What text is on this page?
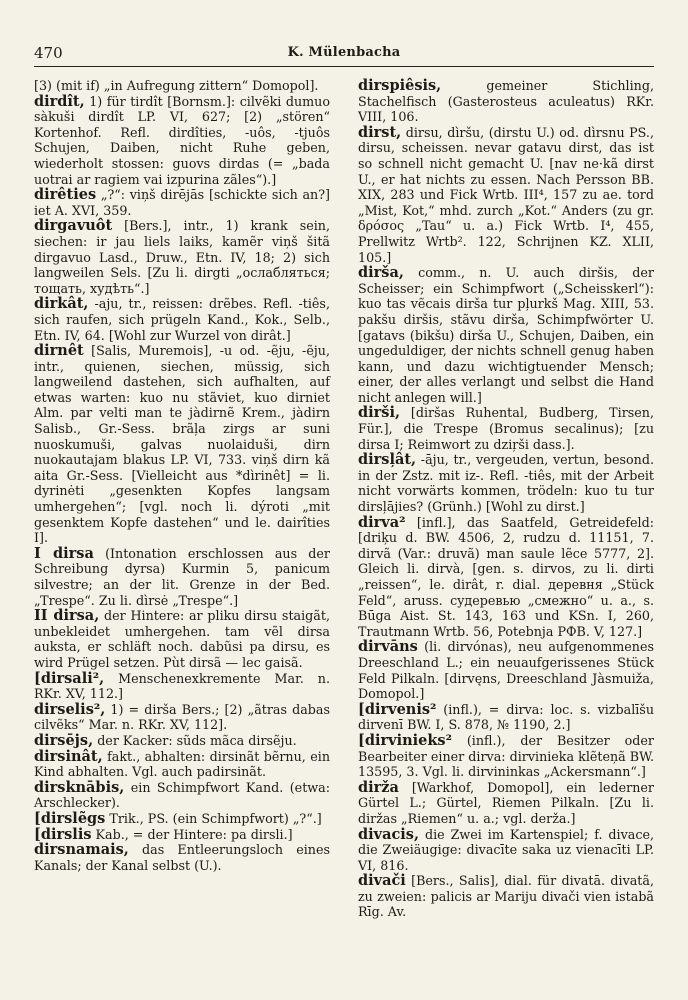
470	K. Mülenbacha

[3) (mit if) „in Aufregung zittern“ Domopol].

dirdît, 1) für tirdît [Bornsm.]: cilvẽki dumuo sàkuši dirdît LP. VI, 627; [2) „stören“ Kortenhof. Refl. dirdîties, -uôs, -tjuôs Schujen, Daiben, nicht Ruhe geben, wiederholt stossen: guovs dirdas (= „bada uotrai ar ragiem vai izpurina zãles“).]

dirêties „?“: viņš dirējās [schickte sich an?] iet A. XVI, 359.

dirgavuôt [Bers.], intr., 1) krank sein, siechen: ir jau liels laiks, kamẽr viņš šitã dirgavuo Lasd., Druw., Etn. IV, 18; 2) sich langweilen Sels. [Zu li. dirgti „ослабляться; тощать, худѣть“.]

dirkât, -aju, tr., reissen: drẽbes. Refl. -tiês, sich raufen, sich prügeln Kand., Kok., Selb., Etn. IV, 64. [Wohl zur Wurzel von dirât.]

dirnêt [Salis, Muremois], -u od. -ẽju, -ẽju, intr., quienen, siechen, müssig, sich langweilend dastehen, sich aufhalten, auf etwas warten: kuo nu stãviet, kuo dirniet Alm. par velti man te jàdirnẽ Krem., jàdirn Salisb., Gr.-Sess. brãļa zirgs ar suni nuoskumuši, galvas nuolaiduši, dirn nuokautajam blakus LP. VI, 733. viņš dirn kã aita Gr.-Sess. [Vielleicht aus *dìrinêt] = li. dyrinėti „gesenkten Kopfes langsam umhergehen“; [vgl. noch li. dýroti „mit gesenktem Kopfe dastehen“ und le. dairîties I].

I dirsa (Intonation erschlossen aus der Schreibung dyrsa) Kurmin 5, panicum silvestre; an der lit. Grenze in der Bed. „Trespe“. Zu li. dìrsė „Trespe“.]

II dirsa, der Hintere: ar pliku dirsu staigãt, unbekleidet umhergehen. tam vẽl dirsa auksta, er schläft noch. dabũsi pa dirsu, es wird Prügel setzen. Pùt dirsã — lec gaisã.

[dirsali², Menschenexkremente Mar. n. RKr. XV, 112.]

dirselis², 1) = dirša Bers.; [2) „ãtras dabas cilvẽks“ Mar. n. RKr. XV, 112].

dirsējs, der Kacker: sũds mãca dirsẽju.

dirsinât, fakt., abhalten: dirsinãt bẽrnu, ein Kind abhalten. Vgl. auch padirsinãt.

dirsknābis, ein Schimpfwort Kand. (etwa: Arschlecker).

[dirslẽgs Trik., PS. (ein Schimpfwort) „?“.]

[dirslis Kab., = der Hintere: pa dirsli.]

dirsnamais, das Entleerungsloch eines Kanals; der Kanal selbst (U.).

dirspiêsis,	gemeiner Stichling, Stachelfisch (Gasterosteus aculeatus) RKr. VIII, 106.

dirst, dirsu, dìršu, (dirstu U.) od. dìrsnu PS., dirsu, scheissen. nevar gatavu dirst, das ist so schnell nicht gemacht U. [nav ne·kã dirst U., er hat nichts zu essen. Nach Persson BB. XIX, 283 und Fick Wrtb. III⁴, 157 zu ae. tord „Mist, Kot,“ mhd. zurch „Kot.“ Anders (zu gr. δρόσος „Tau“ u. a.) Fick Wrtb. I⁴, 455, Prellwitz Wrtb². 122, Schrijnen KZ. XLII, 105.]

dirša, comm., n. U. auch diršis, der Scheisser; ein Schimpfwort („Scheisskerl“): kuo tas vẽcais dirša tur pļurkš Mag. XIII, 53. pakšu diršis, stãvu dirša, Schimpfwörter U. [gatavs (bikšu) dirša U., Schujen, Daiben, ein ungeduldiger, der nichts schnell genug haben kann, und dazu wichtigtuender Mensch; einer, der alles verlangt und selbst die Hand nicht anlegen will.]

dirši, [diršas Ruhental, Budberg, Tirsen, Für.], die Trespe (Bromus secalinus); [zu dirsa I; Reimwort zu dziŗši dass.].

dirsļât, -āju, tr., vergeuden, vertun, besond. in der Zstz. mit iz-. Refl. -tiês, mit der Arbeit nicht vorwärts kommen, trödeln: kuo tu tur dirsļājies? (Grünh.) [Wohl zu dirst.]

dirva² [infl.], das Saatfeld, Getreidefeld: [driķu d. BW. 4506, 2, rudzu d. 11151, 7. dirvã (Var.: druvã) man saule lẽce 5777, 2]. Gleich li. dirvà, [gen. s. dirvos, zu li. dirti „reissen“, le. dirât, r. dial. дерeвня „Stück Feld“, aruss. сyдерeвью „смежно“ u. a., s. Būga Aist. St. 143, 163 und KSn. I, 260, Trautmann Wrtb. 56, Potebnja РФВ. V, 127.]

dirvāns (li. dirvónas), neu aufgenommenes Dreeschland L.; ein neuaufgerissenes Stück Feld Pilkaln. [dirvęns, Dreeschland Jàsmuiža, Domopol.]

[dirvenis² (infl.), = dirva: loc. s. vizbalīšu dirvenī BW. I, S. 878, № 1190, 2.]

[dirvinieks² (infl.), der Besitzer oder Bearbeiter einer dirva: dirvinieka klẽtеņã BW. 13595, 3. Vgl. li. dirvininkas „Ackersmann“.]

dirža [Warkhof, Domopol], ein lederner Gürtel L.; Gürtel, Riemen Pilkaln. [Zu li. diržas „Riemen“ u. a.; vgl. derža.]

divacis, die Zwei im Kartenspiel; f. divace, die Zweiäugige: divacīte saka uz vienacīti LP. VI, 816.

divači [Bers., Salis], dial. für divatā. divatã, zu zweien: palicis ar Mariju divači vien istabã Rīg. Av.
